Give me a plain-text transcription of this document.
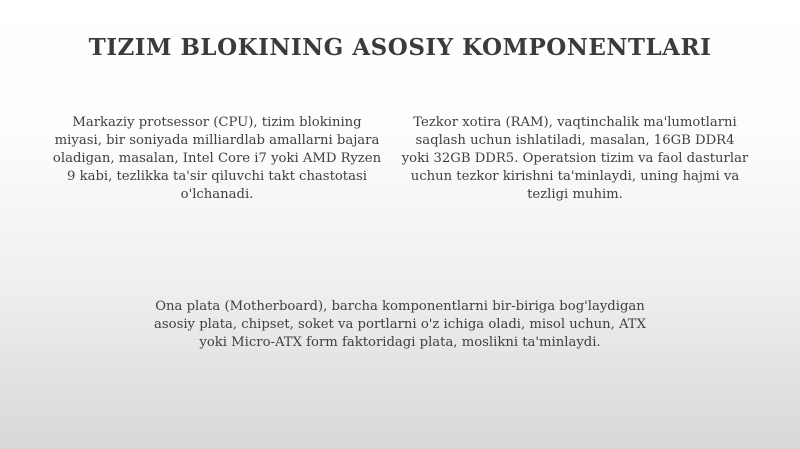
TIZIM BLOKINING ASOSIY KOMPONENTLARI

Markaziy protsessor (CPU), tizim blokining miyasi, bir soniyada milliardlab amallarni bajara oladigan, masalan, Intel Core i7 yoki AMD Ryzen 9 kabi, tezlikka ta'sir qiluvchi takt chastotasi o'lchanadi.

Tezkor xotira (RAM), vaqtinchalik ma'lumotlarni saqlash uchun ishlatiladi, masalan, 16GB DDR4 yoki 32GB DDR5. Operatsion tizim va faol dasturlar uchun tezkor kirishni ta'minlaydi, uning hajmi va tezligi muhim.

Ona plata (Motherboard), barcha komponentlarni bir-biriga bog'laydigan asosiy plata, chipset, soket va portlarni o'z ichiga oladi, misol uchun, ATX yoki Micro-ATX form faktoridagi plata, moslikni ta'minlaydi.
